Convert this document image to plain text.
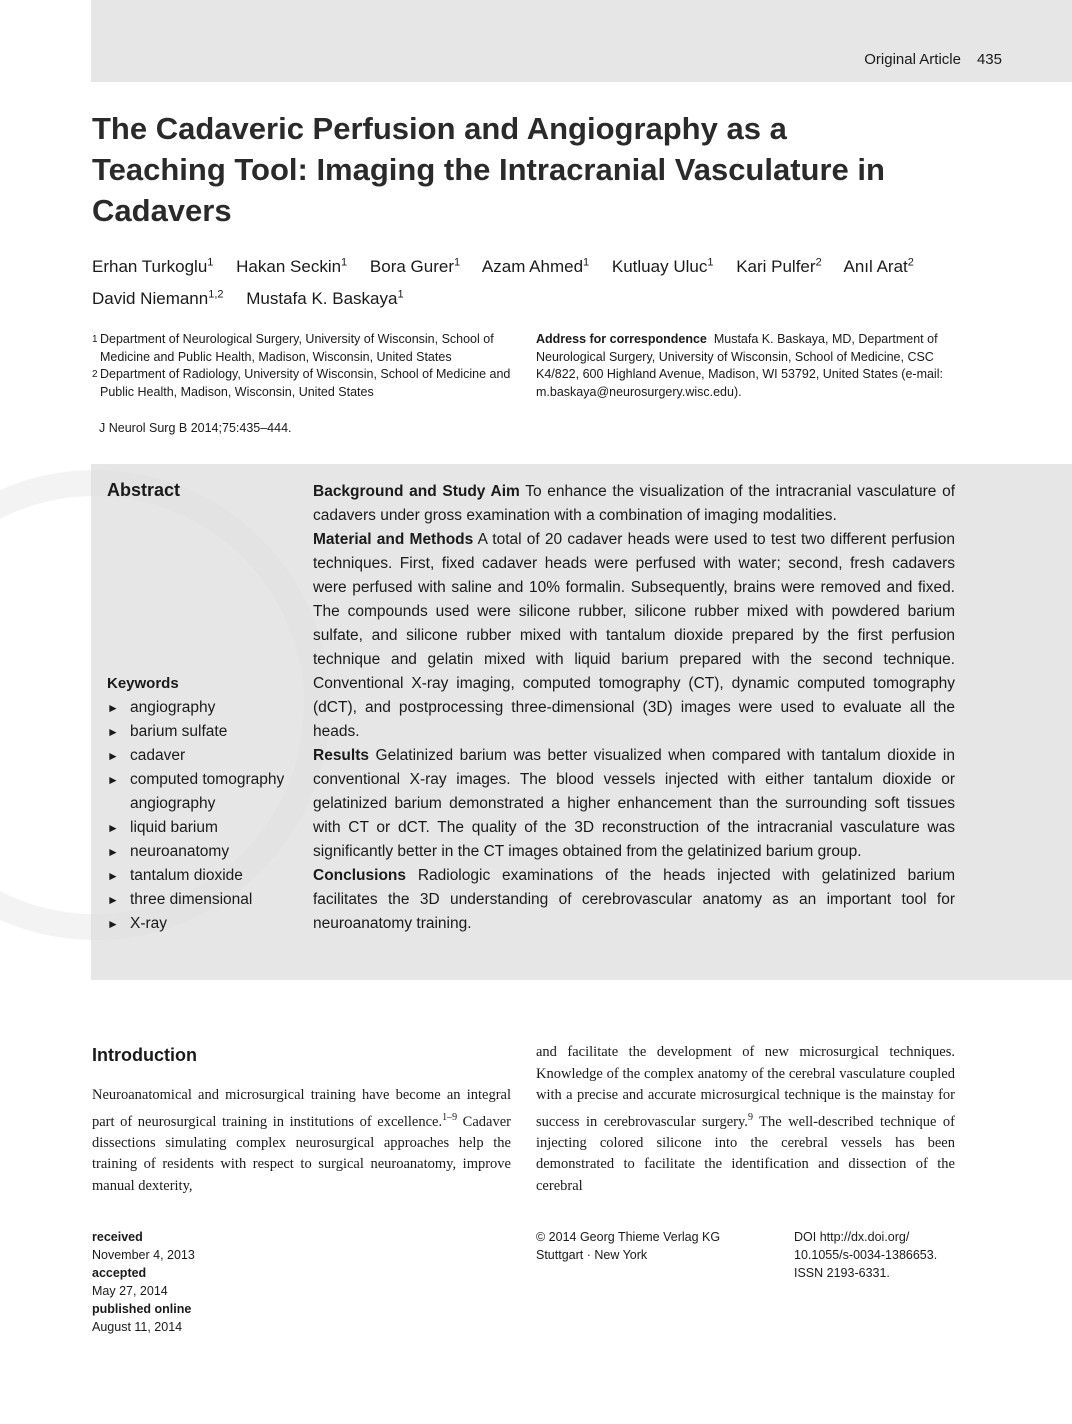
Original Article 435
The Cadaveric Perfusion and Angiography as a Teaching Tool: Imaging the Intracranial Vasculature in Cadavers
Erhan Turkoglu$^1$ Hakan Seckin$^1$ Bora Gurer$^1$ Azam Ahmed$^1$ Kutluay Uluc$^1$ Kari Pulfer$^2$ Anıl Arat$^2$
David Niemann$^{1,2}$ Mustafa K. Baskaya$^1$
1 Department of Neurological Surgery, University of Wisconsin, School of Medicine and Public Health, Madison, Wisconsin, United States
2 Department of Radiology, University of Wisconsin, School of Medicine and Public Health, Madison, Wisconsin, United States
Address for correspondence Mustafa K. Baskaya, MD, Department of Neurological Surgery, University of Wisconsin, School of Medicine, CSC K4/822, 600 Highland Avenue, Madison, WI 53792, United States (e-mail: m.baskaya@neurosurgery.wisc.edu).
J Neurol Surg B 2014;75:435–444.
Abstract
Keywords
► angiography
► barium sulfate
► cadaver
► computed tomography angiography
► liquid barium
► neuroanatomy
► tantalum dioxide
► three dimensional
► X-ray

Background and Study Aim To enhance the visualization of the intracranial vasculature of cadavers under gross examination with a combination of imaging modalities.

Material and Methods A total of 20 cadaver heads were used to test two different perfusion techniques. First, fixed cadaver heads were perfused with water; second, fresh cadavers were perfused with saline and 10% formalin. Subsequently, brains were removed and fixed. The compounds used were silicone rubber, silicone rubber mixed with powdered barium sulfate, and silicone rubber mixed with tantalum dioxide prepared by the first perfusion technique and gelatin mixed with liquid barium prepared with the second technique. Conventional X-ray imaging, computed tomography (CT), dynamic computed tomography (dCT), and postprocessing three-dimensional (3D) images were used to evaluate all the heads.

Results Gelatinized barium was better visualized when compared with tantalum dioxide in conventional X-ray images. The blood vessels injected with either tantalum dioxide or gelatinized barium demonstrated a higher enhancement than the surrounding soft tissues with CT or dCT. The quality of the 3D reconstruction of the intracranial vasculature was significantly better in the CT images obtained from the gelatinized barium group.

Conclusions Radiologic examinations of the heads injected with gelatinized barium facilitates the 3D understanding of cerebrovascular anatomy as an important tool for neuroanatomy training.

Introduction
Neuroanatomical and microsurgical training have become an integral part of neurosurgical training in institutions of excellence.$^{1-9}$ Cadaver dissections simulating complex neurosurgical approaches help the training of residents with respect to surgical neuroanatomy, improve manual dexterity,
and facilitate the development of new microsurgical techniques. Knowledge of the complex anatomy of the cerebral vasculature coupled with a precise and accurate microsurgical technique is the mainstay for success in cerebrovascular surgery.$^9$ The well-described technique of injecting colored silicone into the cerebral vessels has been demonstrated to facilitate the identification and dissection of the cerebral
received
November 4, 2013
accepted
May 27, 2014
published online
August 11, 2014
© 2014 Georg Thieme Verlag KG
Stuttgart · New York
DOI http://dx.doi.org/
10.1055/s-0034-1386653.
ISSN 2193-6331.
